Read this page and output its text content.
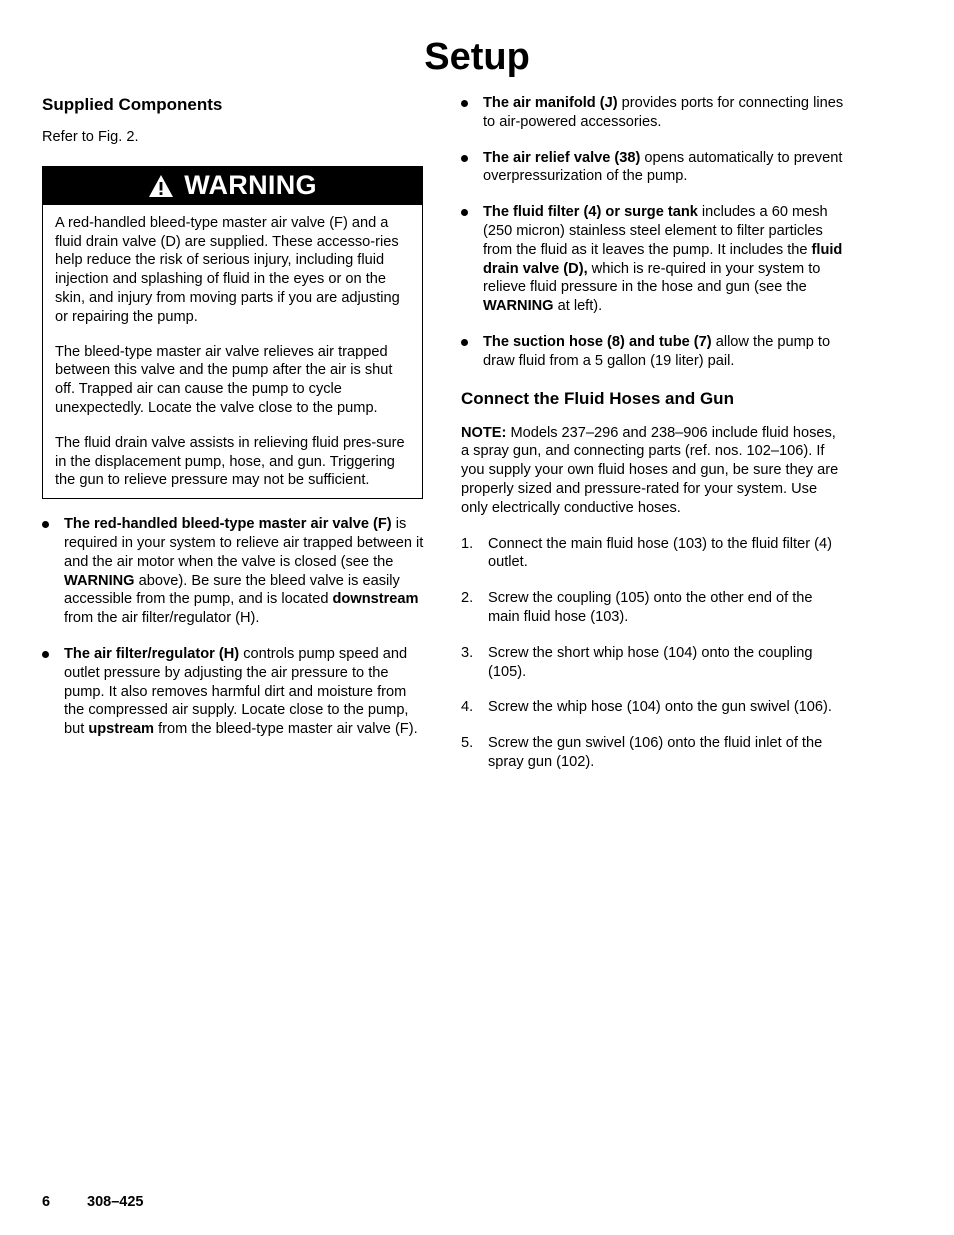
Setup
Supplied Components

Refer to Fig. 2.

WARNING

A red-handled bleed-type master air valve (F) and a fluid drain valve (D) are supplied. These accesso-ries help reduce the risk of serious injury, including fluid injection and splashing of fluid in the eyes or on the skin, and injury from moving parts if you are adjusting or repairing the pump.

The bleed-type master air valve relieves air trapped between this valve and the pump after the air is shut off. Trapped air can cause the pump to cycle unexpectedly. Locate the valve close to the pump.

The fluid drain valve assists in relieving fluid pres-sure in the displacement pump, hose, and gun. Triggering the gun to relieve pressure may not be sufficient.

The red-handled bleed-type master air valve (F) is required in your system to relieve air trapped between it and the air motor when the valve is closed (see the WARNING above). Be sure the bleed valve is easily accessible from the pump, and is located downstream from the air filter/regulator (H).
The air filter/regulator (H) controls pump speed and outlet pressure by adjusting the air pressure to the pump. It also removes harmful dirt and moisture from the compressed air supply. Locate close to the pump, but upstream from the bleed-type master air valve (F).
The air manifold (J) provides ports for connecting lines to air-powered accessories.
The air relief valve (38) opens automatically to prevent overpressurization of the pump.
The fluid filter (4) or surge tank includes a 60 mesh (250 micron) stainless steel element to filter particles from the fluid as it leaves the pump. It includes the fluid drain valve (D), which is re-quired in your system to relieve fluid pressure in the hose and gun (see the WARNING at left).
The suction hose (8) and tube (7) allow the pump to draw fluid from a 5 gallon (19 liter) pail.
Connect the Fluid Hoses and Gun

NOTE: Models 237–296 and 238–906 include fluid hoses, a spray gun, and connecting parts (ref. nos. 102–106). If you supply your own fluid hoses and gun, be sure they are properly sized and pressure-rated for your system. Use only electrically conductive hoses.

1. Connect the main fluid hose (103) to the fluid filter (4) outlet.
2. Screw the coupling (105) onto the other end of the main fluid hose (103).
3. Screw the short whip hose (104) onto the coupling (105).
4. Screw the whip hose (104) onto the gun swivel (106).
5. Screw the gun swivel (106) onto the fluid inlet of the spray gun (102).
6	308–425
